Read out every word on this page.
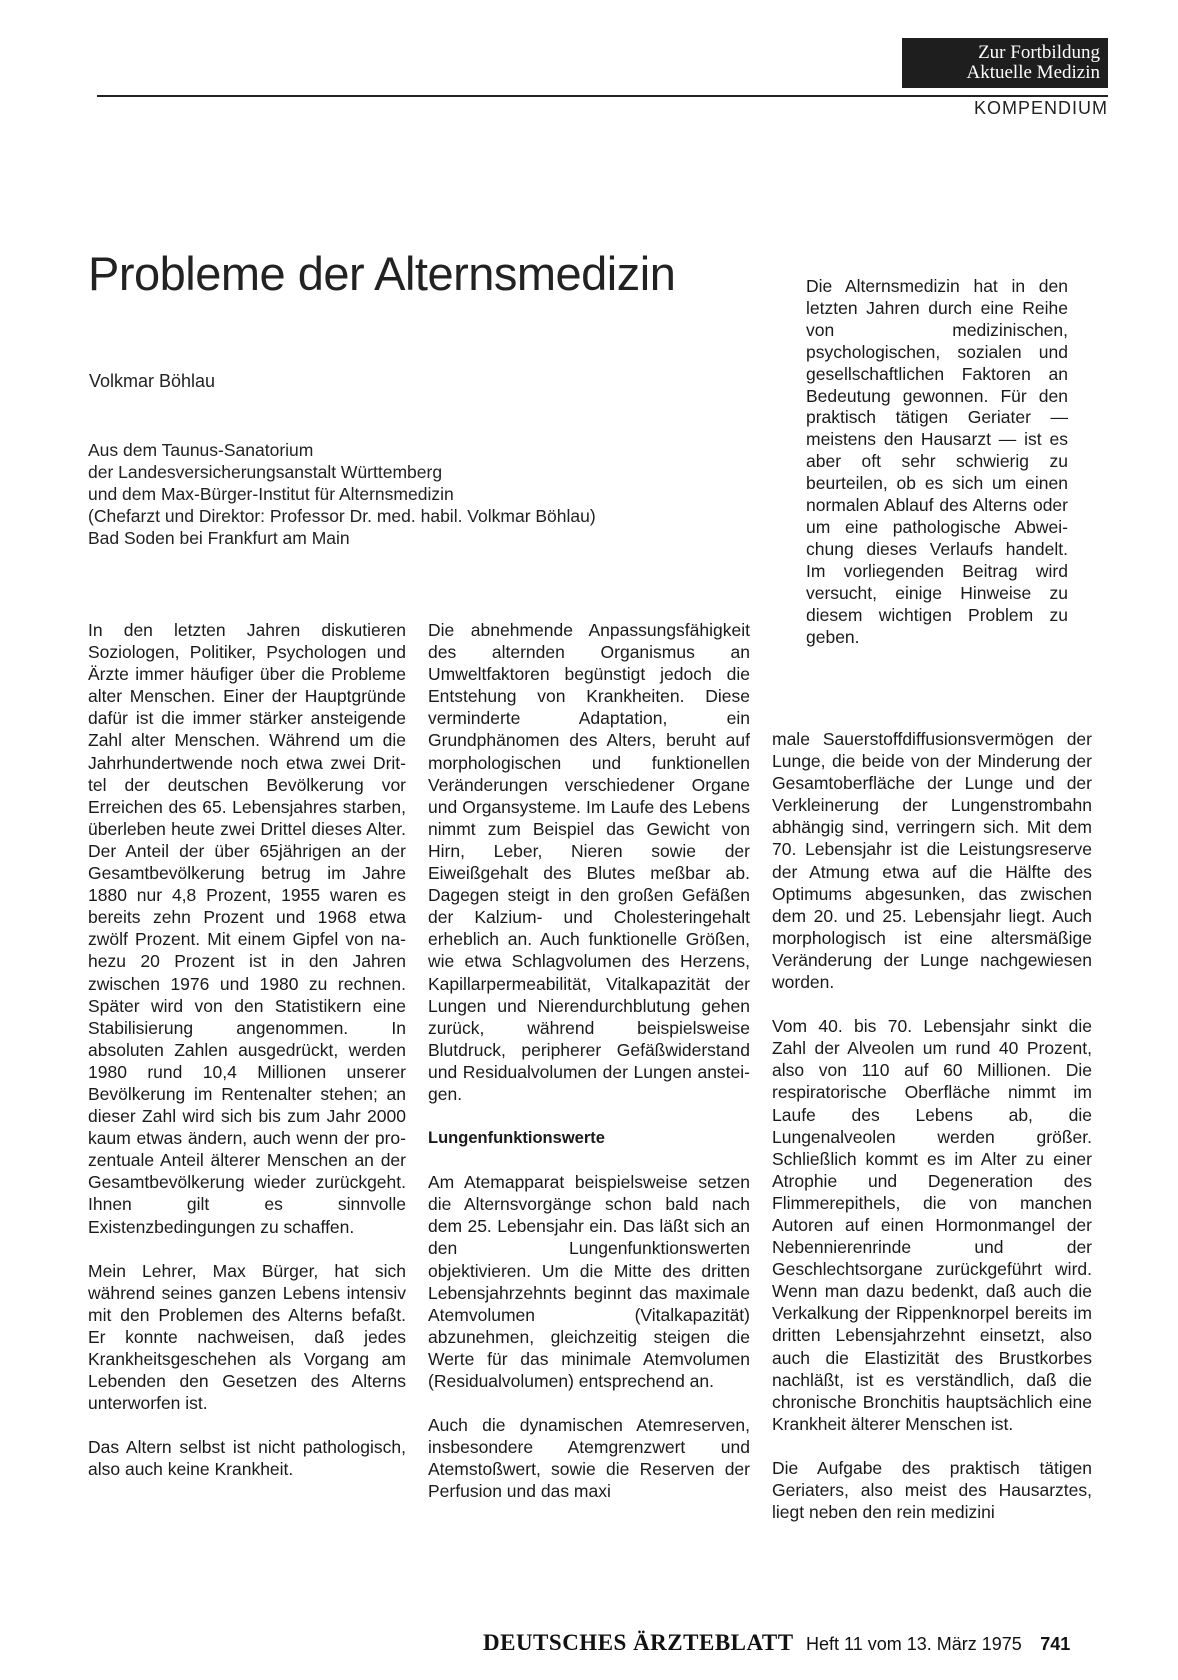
Zur Fortbildung
Aktuelle Medizin
KOMPENDIUM
Probleme der Alternsmedizin
Volkmar Böhlau
Aus dem Taunus-Sanatorium
der Landesversicherungsanstalt Württemberg
und dem Max-Bürger-Institut für Alternsmedizin
(Chefarzt und Direktor: Professor Dr. med. habil. Volkmar Böhlau)
Bad Soden bei Frankfurt am Main
Die Alternsmedizin hat in den letzten Jahren durch eine Reihe von medizinischen, psychologischen, sozialen und gesellschaftlichen Faktoren an Bedeutung gewonnen. Für den praktisch tätigen Geriater — meistens den Hausarzt — ist es aber oft sehr schwierig zu beurteilen, ob es sich um einen normalen Ablauf des Alterns oder um eine pathologische Abweichung dieses Verlaufs handelt. Im vorliegenden Beitrag wird versucht, einige Hinweise zu diesem wichtigen Problem zu geben.

In den letzten Jahren diskutieren Soziologen, Politiker, Psychologen und Ärzte immer häufiger über die Probleme alter Menschen. Einer der Hauptgründe dafür ist die immer stärker ansteigende Zahl alter Menschen. Während um die Jahrhundertwende noch etwa zwei Drittel der deutschen Bevölkerung vor Erreichen des 65. Lebensjahres starben, überleben heute zwei Drittel dieses Alter. Der Anteil der über 65jährigen an der Gesamtbevölkerung betrug im Jahre 1880 nur 4,8 Prozent, 1955 waren es bereits zehn Prozent und 1968 etwa zwölf Prozent. Mit einem Gipfel von nahezu 20 Prozent ist in den Jahren zwischen 1976 und 1980 zu rechnen. Später wird von den Statistikern eine Stabilisierung angenommen. In absoluten Zahlen ausgedrückt, werden 1980 rund 10,4 Millionen unserer Bevölkerung im Rentenalter stehen; an dieser Zahl wird sich bis zum Jahr 2000 kaum etwas ändern, auch wenn der prozentuale Anteil älterer Menschen an der Gesamtbevölkerung wieder zurückgeht. Ihnen gilt es sinnvolle Existenzbedingungen zu schaffen.

Mein Lehrer, Max Bürger, hat sich während seines ganzen Lebens intensiv mit den Problemen des Alterns befaßt. Er konnte nachweisen, daß jedes Krankheitsgeschehen als Vorgang am Lebenden den Gesetzen des Alterns unterworfen ist.

Das Altern selbst ist nicht pathologisch, also auch keine Krankheit.

Die abnehmende Anpassungsfähigkeit des alternden Organismus an Umweltfaktoren begünstigt jedoch die Entstehung von Krankheiten. Diese verminderte Adaptation, ein Grundphänomen des Alters, beruht auf morphologischen und funktionellen Veränderungen verschiedener Organe und Organsysteme. Im Laufe des Lebens nimmt zum Beispiel das Gewicht von Hirn, Leber, Nieren sowie der Eiweißgehalt des Blutes meßbar ab. Dagegen steigt in den großen Gefäßen der Kalzium- und Cholesteringehalt erheblich an. Auch funktionelle Größen, wie etwa Schlagvolumen des Herzens, Kapillarpermeabilität, Vitalkapazität der Lungen und Nierendurchblutung gehen zurück, während beispielsweise Blutdruck, peripherer Gefäßwiderstand und Residualvolumen der Lungen ansteigen.

Lungenfunktionswerte

Am Atemapparat beispielsweise setzen die Alternsvorgänge schon bald nach dem 25. Lebensjahr ein. Das läßt sich an den Lungenfunktionswerten objektivieren. Um die Mitte des dritten Lebensjahrzehnts beginnt das maximale Atemvolumen (Vitalkapazität) abzunehmen, gleichzeitig steigen die Werte für das minimale Atemvolumen (Residualvolumen) entsprechend an.

Auch die dynamischen Atemreserven, insbesondere Atemgrenzwert und Atemstoßwert, sowie die Reserven der Perfusion und das maxi

male Sauerstoffdiffusionsvermögen der Lunge, die beide von der Minderung der Gesamtoberfläche der Lunge und der Verkleinerung der Lungenstrombahn abhängig sind, verringern sich. Mit dem 70. Lebensjahr ist die Leistungsreserve der Atmung etwa auf die Hälfte des Optimums abgesunken, das zwischen dem 20. und 25. Lebensjahr liegt. Auch morphologisch ist eine altersmäßige Veränderung der Lunge nachgewiesen worden.

Vom 40. bis 70. Lebensjahr sinkt die Zahl der Alveolen um rund 40 Prozent, also von 110 auf 60 Millionen. Die respiratorische Oberfläche nimmt im Laufe des Lebens ab, die Lungenalveolen werden größer. Schließlich kommt es im Alter zu einer Atrophie und Degeneration des Flimmerepithels, die von manchen Autoren auf einen Hormonmangel der Nebennierenrinde und der Geschlechtsorgane zurückgeführt wird. Wenn man dazu bedenkt, daß auch die Verkalkung der Rippenknorpel bereits im dritten Lebensjahrzehnt einsetzt, also auch die Elastizität des Brustkorbes nachläßt, ist es verständlich, daß die chronische Bronchitis hauptsächlich eine Krankheit älterer Menschen ist.

Die Aufgabe des praktisch tätigen Geriaters, also meist des Hausarztes, liegt neben den rein medizini

DEUTSCHES ÄRZTEBLATT Heft 11 vom 13. März 1975 741
